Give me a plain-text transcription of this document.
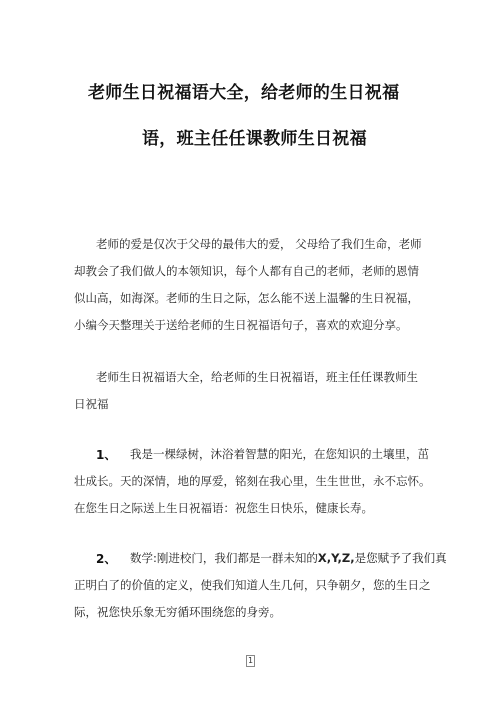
老师生日祝福语大全，给老师的生日祝福
语，班主任任课教师生日祝福
老师的爱是仅次于父母的最伟大的爱， 父母给了我们生命，老师
却教会了我们做人的本领知识，每个人都有自己的老师，老师的恩情
似山高，如海深。老师的生日之际，怎么能不送上温馨的生日祝福，
小编今天整理关于送给老师的生日祝福语句子，喜欢的欢迎分享。
老师生日祝福语大全，给老师的生日祝福语，班主任任课教师生
日祝福
1、 我是一棵绿树，沐浴着智慧的阳光，在您知识的土壤里，茁
壮成长。天的深情，地的厚爱，铭刻在我心里，生生世世，永不忘怀。
在您生日之际送上生日祝福语：祝您生日快乐，健康长寿。
2、 数学:刚进校门，我们都是一群未知的X,Y,Z,是您赋予了我们真
正明白了的价值的定义，使我们知道人生几何，只争朝夕，您的生日之
际，祝您快乐象无穷循环围绕您的身旁。
1
